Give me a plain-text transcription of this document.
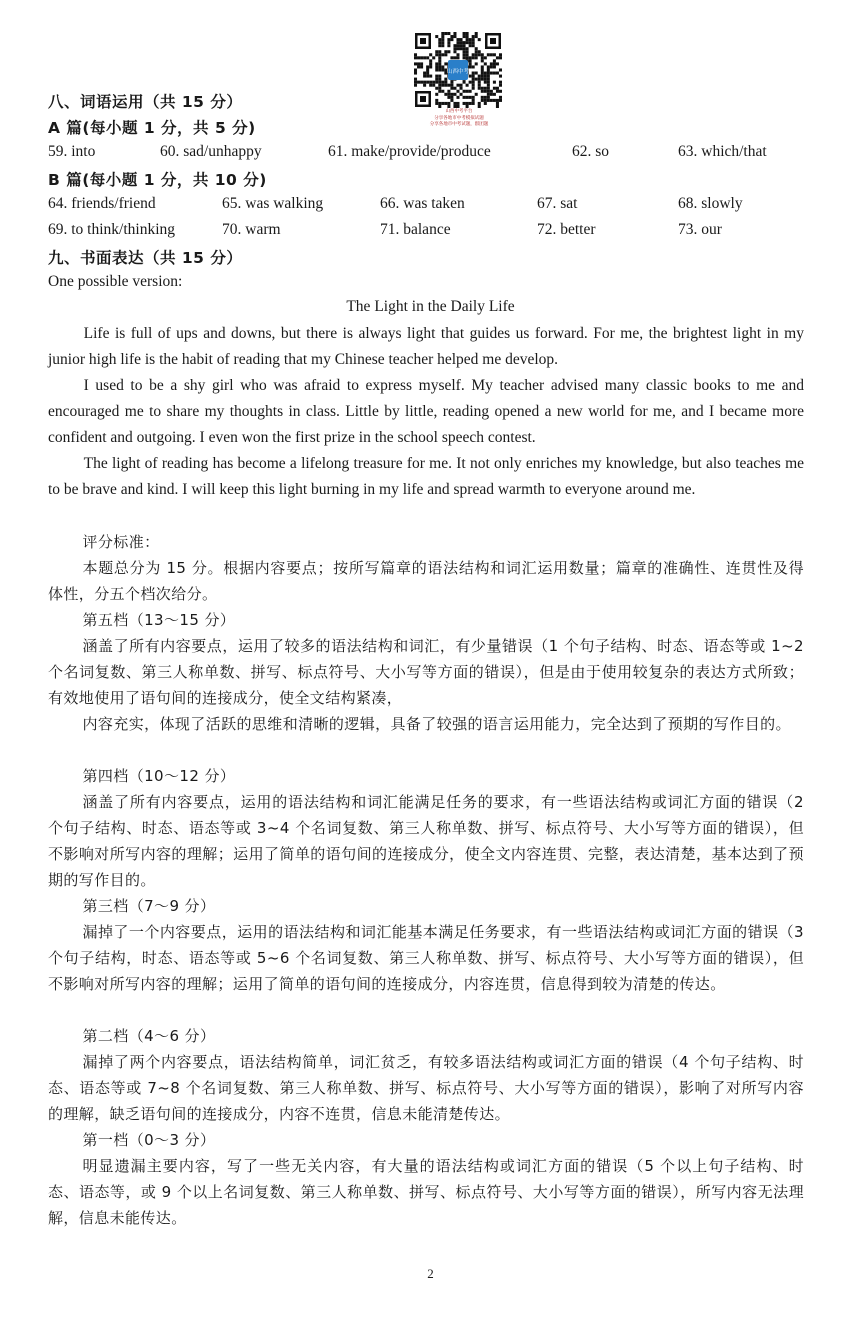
山西中考
山西中考平台
分享各地市中考模拟试题
分享各地市中考试题，群团题
八、词语运用（共 15 分）
A 篇(每小题 1 分，共 5 分)
59. into	60. sad/unhappy	61. make/provide/produce	62. so	63. which/that
B 篇(每小题 1 分，共 10 分)
64. friends/friend	65. was walking	66. was taken	67. sat	68. slowly
69. to think/thinking	70. warm	71. balance	72. better	73. our
九、书面表达（共 15 分）
One possible version:
The Light in the Daily Life

Life is full of ups and downs, but there is always light that guides us forward. For me, the brightest light in my junior high life is the habit of reading that my Chinese teacher helped me develop.

I used to be a shy girl who was afraid to express myself. My teacher advised many classic books to me and encouraged me to share my thoughts in class. Little by little, reading opened a new world for me, and I became more confident and outgoing. I even won the first prize in the school speech contest.

The light of reading has become a lifelong treasure for me. It not only enriches my knowledge, but also teaches me to be brave and kind. I will keep this light burning in my life and spread warmth to everyone around me.

评分标准：

本题总分为 15 分。根据内容要点；按所写篇章的语法结构和词汇运用数量；篇章的准确性、连贯性及得体性，分五个档次给分。

第五档（13～15 分）

涵盖了所有内容要点，运用了较多的语法结构和词汇，有少量错误（1 个句子结构、时态、语态等或 1~2 个名词复数、第三人称单数、拼写、标点符号、大小写等方面的错误），但是由于使用较复杂的表达方式所致；有效地使用了语句间的连接成分，使全文结构紧凑，

内容充实，体现了活跃的思维和清晰的逻辑，具备了较强的语言运用能力，完全达到了预期的写作目的。

第四档（10～12 分）

涵盖了所有内容要点，运用的语法结构和词汇能满足任务的要求，有一些语法结构或词汇方面的错误（2 个句子结构、时态、语态等或 3~4 个名词复数、第三人称单数、拼写、标点符号、大小写等方面的错误），但不影响对所写内容的理解；运用了简单的语句间的连接成分，使全文内容连贯、完整，表达清楚，基本达到了预期的写作目的。

第三档（7～9 分）

漏掉了一个内容要点，运用的语法结构和词汇能基本满足任务要求，有一些语法结构或词汇方面的错误（3 个句子结构，时态、语态等或 5~6 个名词复数、第三人称单数、拼写、标点符号、大小写等方面的错误），但不影响对所写内容的理解；运用了简单的语句间的连接成分，内容连贯，信息得到较为清楚的传达。

第二档（4～6 分）

漏掉了两个内容要点，语法结构简单，词汇贫乏，有较多语法结构或词汇方面的错误（4 个句子结构、时态、语态等或 7~8 个名词复数、第三人称单数、拼写、标点符号、大小写等方面的错误），影响了对所写内容的理解，缺乏语句间的连接成分，内容不连贯，信息未能清楚传达。

第一档（0～3 分）

明显遗漏主要内容，写了一些无关内容，有大量的语法结构或词汇方面的错误（5 个以上句子结构、时态、语态等，或 9 个以上名词复数、第三人称单数、拼写、标点符号、大小写等方面的错误），所写内容无法理解，信息未能传达。

2
